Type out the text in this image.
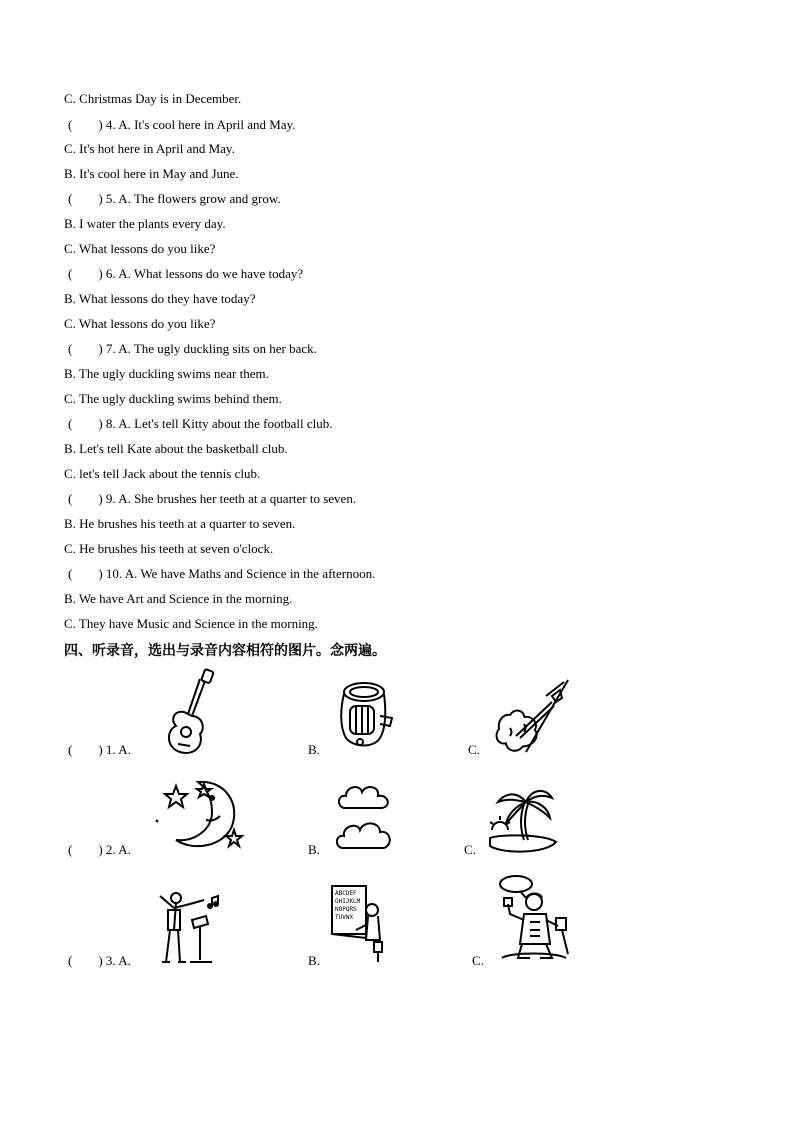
C. Christmas Day is in December.
(　　) 4. A. It's cool here in April and May.
C. It's hot here in April and May.
B. It's cool here in May and June.
(　　) 5. A. The flowers grow and grow.
B. I water the plants every day.
C. What lessons do you like?
(　　) 6. A. What lessons do we have today?
B. What lessons do they have today?
C. What lessons do you like?
(　　) 7. A. The ugly duckling sits on her back.
B. The ugly duckling swims near them.
C. The ugly duckling swims behind them.
(　　) 8. A. Let's tell Kitty about the football club.
B. Let's tell Kate about the basketball club.
C. let's tell Jack about the tennis club.
(　　) 9. A. She brushes her teeth at a quarter to seven.
B. He brushes his teeth at a quarter to seven.
C. He brushes his teeth at seven o'clock.
(　　) 10. A. We have Maths and Science in the afternoon.
B. We have Art and Science in the morning.
C. They have Music and Science in the morning.
四、听录音，选出与录音内容相符的图片。念两遍。
(　　) 1. A.	B.	C.
(　　) 2. A.	B.	C.
(　　) 3. A.	B.	C.
ABCDEF
GHIJKLM
NOPQRS
TUVWX
